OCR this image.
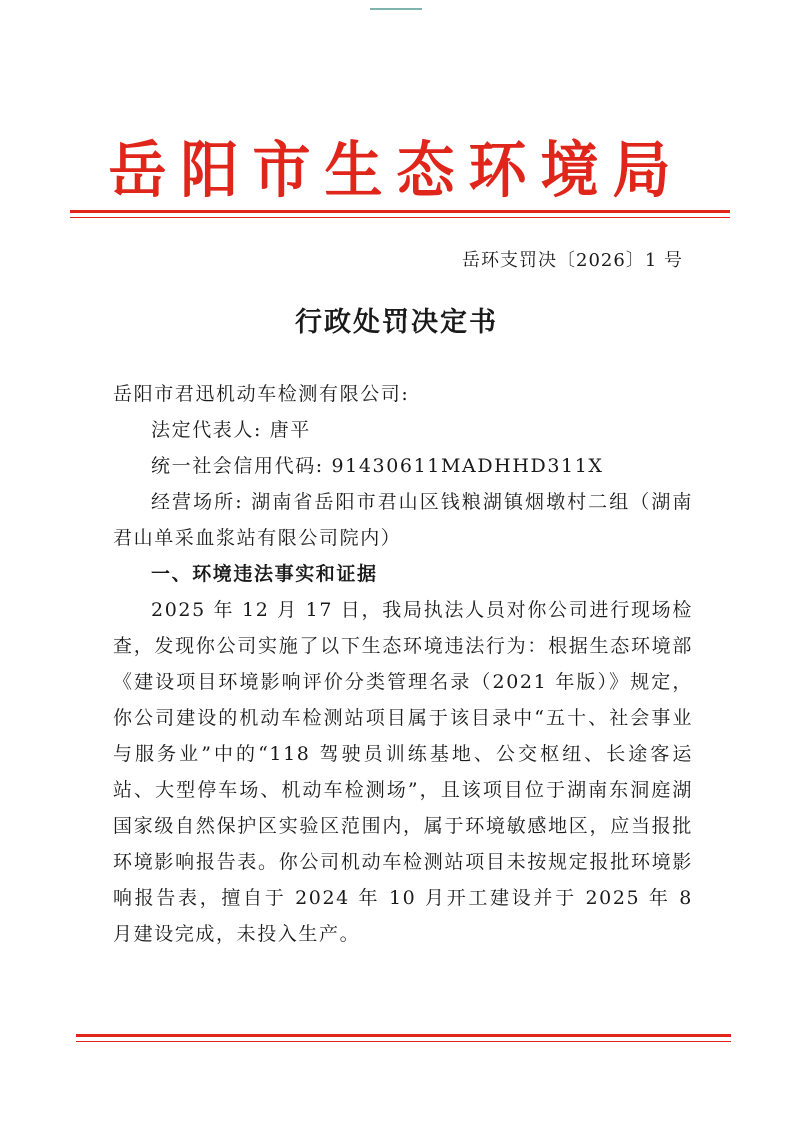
岳阳市生态环境局
岳环支罚决〔2026〕1 号
行政处罚决定书

岳阳市君迅机动车检测有限公司:

法定代表人: 唐平

统一社会信用代码: 91430611MADHHD311X

经营场所: 湖南省岳阳市君山区钱粮湖镇烟墩村二组（湖南君山单采血浆站有限公司院内）

一、环境违法事实和证据

2025 年 12 月 17 日，我局执法人员对你公司进行现场检查，发现你公司实施了以下生态环境违法行为：根据生态环境部《建设项目环境影响评价分类管理名录（2021 年版）》规定，你公司建设的机动车检测站项目属于该目录中“五十、社会事业与服务业”中的“118 驾驶员训练基地、公交枢纽、长途客运站、大型停车场、机动车检测场”，且该项目位于湖南东洞庭湖国家级自然保护区实验区范围内，属于环境敏感地区，应当报批环境影响报告表。你公司机动车检测站项目未按规定报批环境影响报告表，擅自于 2024 年 10 月开工建设并于 2025 年 8 月建设完成，未投入生产。
